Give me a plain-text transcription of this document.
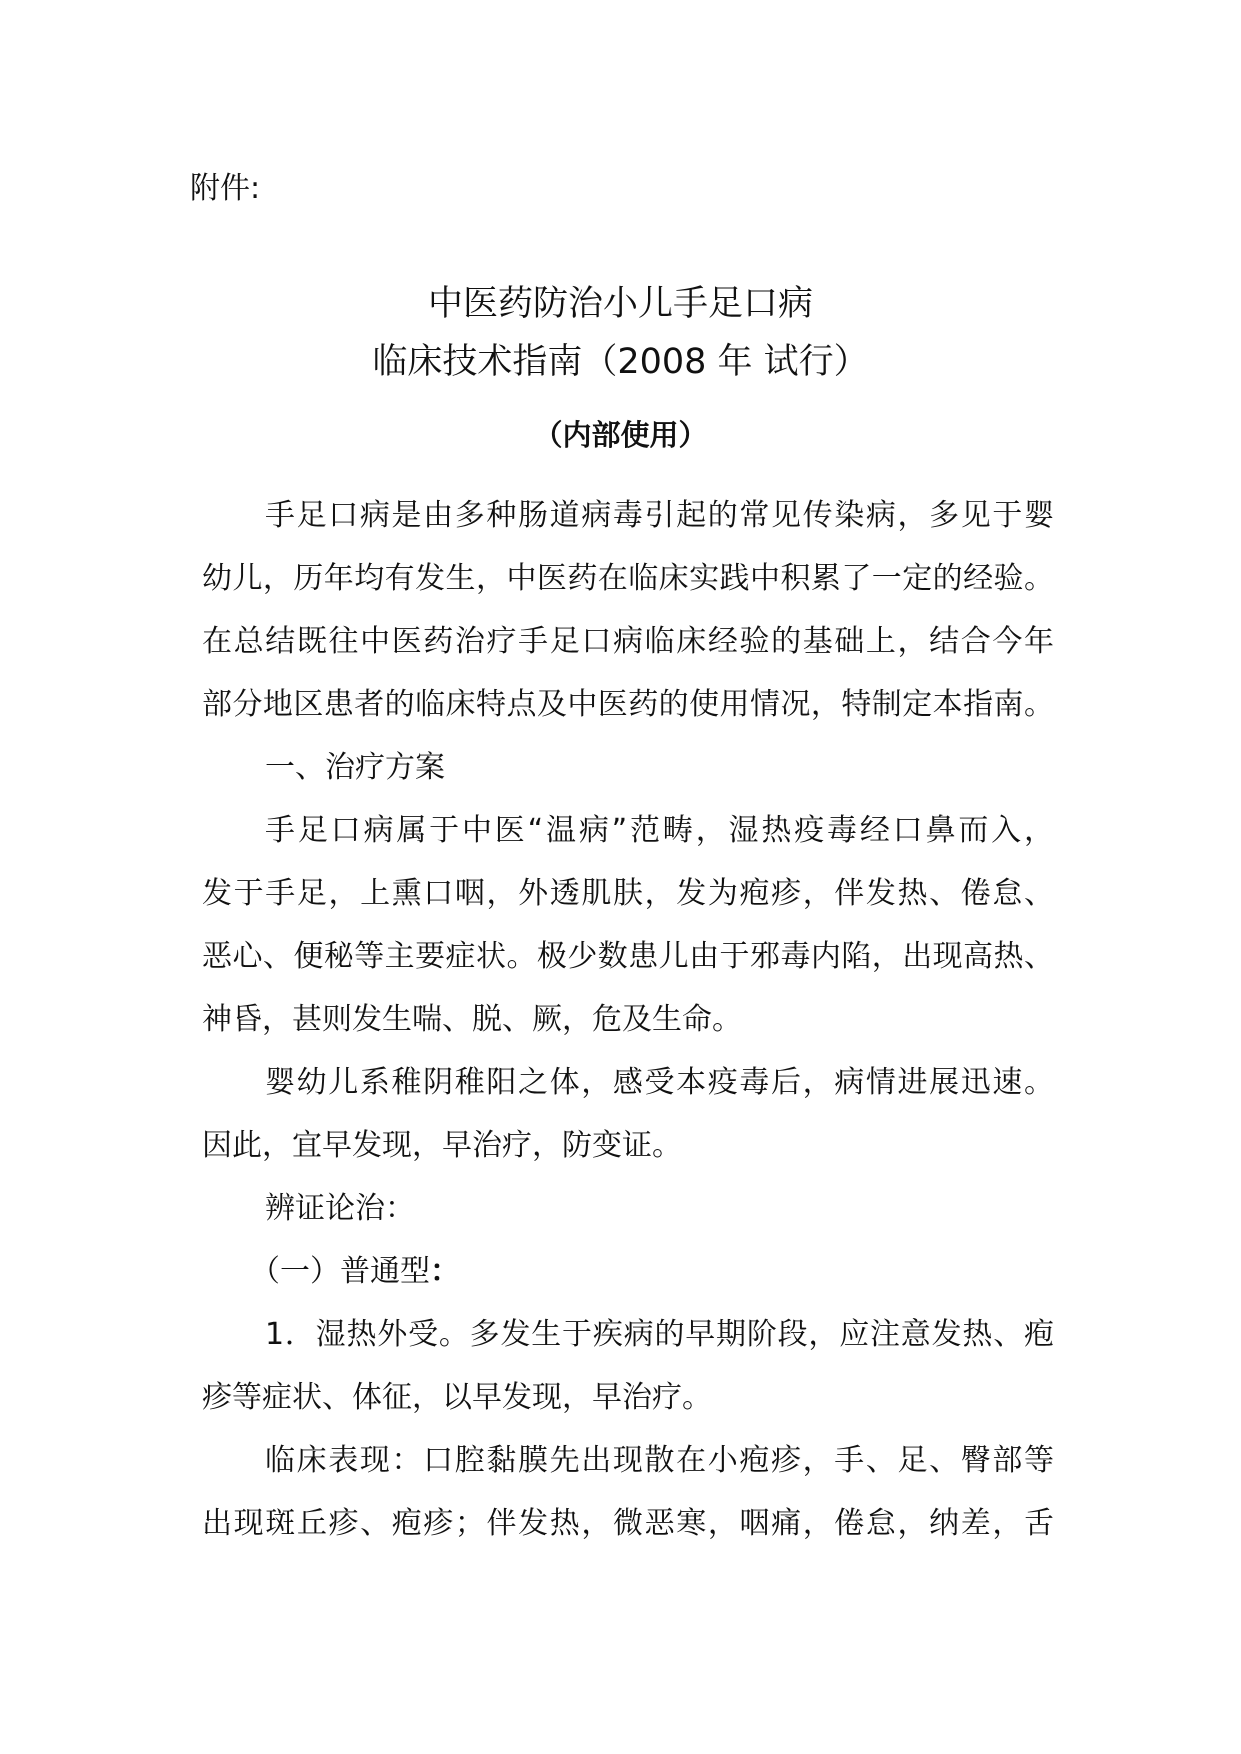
附件:
中医药防治小儿手足口病
临床技术指南（2008 年 试行）
（内部使用）
手足口病是由多种肠道病毒引起的常见传染病，多见于婴
幼儿，历年均有发生，中医药在临床实践中积累了一定的经验。
在总结既往中医药治疗手足口病临床经验的基础上，结合今年
部分地区患者的临床特点及中医药的使用情况，特制定本指南。
一、治疗方案
手足口病属于中医“温病”范畴，湿热疫毒经口鼻而入，
发于手足，上熏口咽，外透肌肤，发为疱疹，伴发热、倦怠、
恶心、便秘等主要症状。极少数患儿由于邪毒内陷，出现高热、
神昏，甚则发生喘、脱、厥，危及生命。
婴幼儿系稚阴稚阳之体，感受本疫毒后，病情进展迅速。
因此，宜早发现，早治疗，防变证。
辨证论治：
（一）普通型：
1．湿热外受。多发生于疾病的早期阶段，应注意发热、疱
疹等症状、体征，以早发现，早治疗。
临床表现：口腔黏膜先出现散在小疱疹，手、足、臀部等
出现斑丘疹、疱疹；伴发热，微恶寒，咽痛，倦怠，纳差，舌
